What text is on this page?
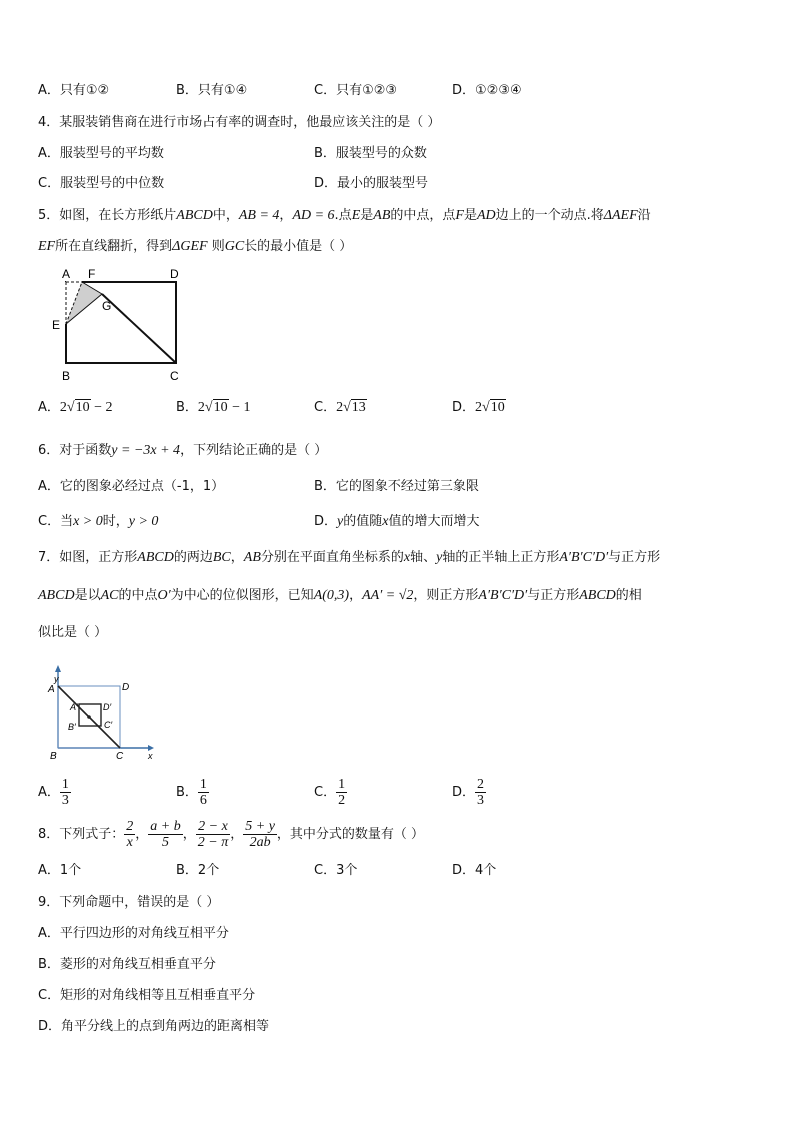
A．只有①②	B．只有①④	C．只有①②③	D．①②③④
4．某服装销售商在进行市场占有率的调查时，他最应该关注的是（ ）
A．服装型号的平均数	B．服装型号的众数
C．服装型号的中位数	D．最小的服装型号
5．如图，在长方形纸片ABCD中，AB = 4，AD = 6.点E是AB的中点，点F是AD边上的一个动点.将ΔAEF沿
EF所在直线翻折，得到ΔGEF 则GC长的最小值是（ ）
A F	D
G
E
B	C
A．2√10 − 2	B．2√10 − 1	C．2√13	D．2√10
6．对于函数y = −3x + 4，下列结论正确的是（ ）
A．它的图象必经过点（-1，1）	B．它的图象不经过第三象限
C．当x > 0时，y > 0	D．y的值随x值的增大而增大
7．如图，正方形ABCD的两边BC，AB分别在平面直角坐标系的x轴、y轴的正半轴上正方形A′B′C′D′与正方形
ABCD是以AC的中点O′为中心的位似图形，已知A(0,3)，AA′ = √2，则正方形A′B′C′D′与正方形ABCD的相
似比是（ ）
y
A	D
A′	D′
B′	C′
B	C	x
A． $\frac{1}{3}$	B． $\frac{1}{6}$	C． $\frac{1}{2}$	D． $\frac{2}{3}$
8．下列式子： $\frac{2}{x}$ ， $\frac{a + b}{5}$ ， $\frac{2 - x}{2 - \pi}$ ， $\frac{5 + y}{2ab}$ ，其中分式的数量有（ ）
A．1个	B．2个	C．3个	D．4个
9．下列命题中，错误的是（ ）
A．平行四边形的对角线互相平分
B．菱形的对角线互相垂直平分
C．矩形的对角线相等且互相垂直平分
D．角平分线上的点到角两边的距离相等
